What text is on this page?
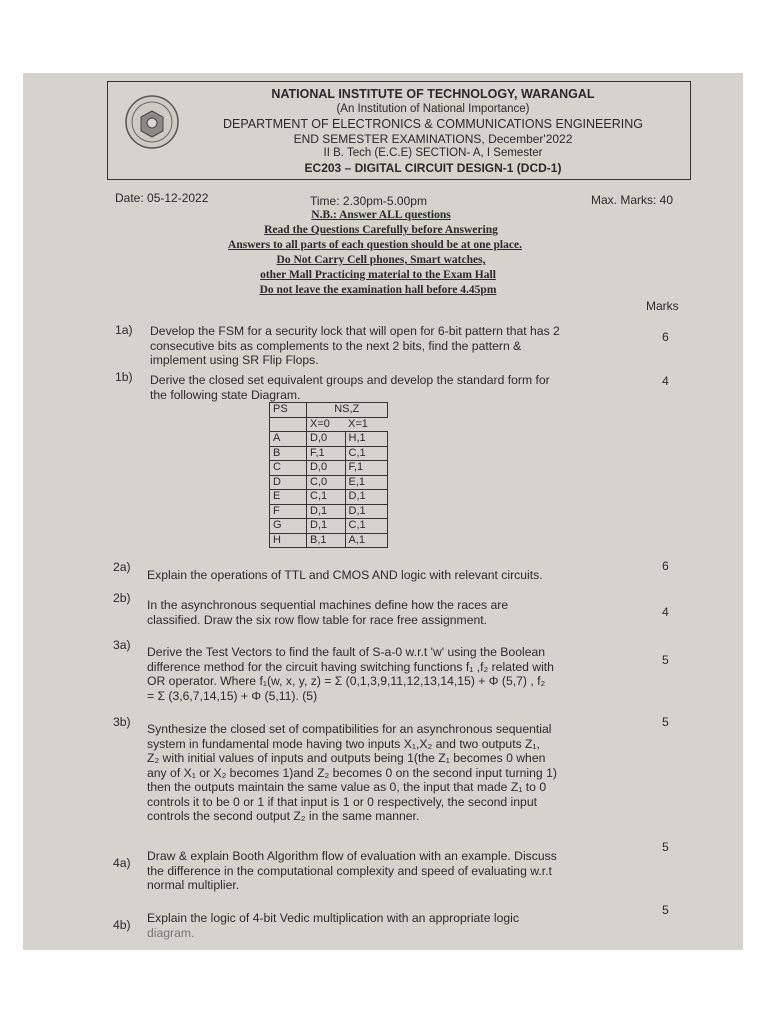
NATIONAL INSTITUTE OF TECHNOLOGY, WARANGAL
(An Institution of National Importance)
DEPARTMENT OF ELECTRONICS & COMMUNICATIONS ENGINEERING
END SEMESTER EXAMINATIONS, December'2022
II B. Tech (E.C.E) SECTION- A, I Semester
EC203 – DIGITAL CIRCUIT DESIGN-1 (DCD-1)
Date: 05-12-2022	Time: 2.30pm-5.00pm	Max. Marks: 40
N.B.: Answer ALL questions
Read the Questions Carefully before Answering
Answers to all parts of each question should be at one place.
Do Not Carry Cell phones, Smart watches,
other Mall Practicing material to the Exam Hall
Do not leave the examination hall before 4.45pm
Marks
1a) Develop the FSM for a security lock that will open for 6-bit pattern that has 2
consecutive bits as complements to the next 2 bits, find the pattern &
implement using SR Flip Flops.
6
1b) Derive the closed set equivalent groups and develop the standard form for
the following state Diagram.
4
PS	NS,Z	
	X=0	X=1
A	D,0	H,1
B	F,1	C,1
C	D,0	F,1
D	C,0	E,1
E	C,1	D,1
F	D,1	D,1
G	D,1	C,1
H	B,1	A,1
2a)
Explain the operations of TTL and CMOS AND logic with relevant circuits.
6
2b) In the asynchronous sequential machines define how the races are
classified. Draw the six row flow table for race free assignment.
4
3a) Derive the Test Vectors to find the fault of S-a-0 w.r.t 'w' using the Boolean
difference method for the circuit having switching functions f₁ ,f₂ related with
OR operator. Where f₁(w, x, y, z) = Σ (0,1,3,9,11,12,13,14,15) + Φ (5,7) , f₂
= Σ (3,6,7,14,15) + Φ (5,11). (5)
5
3b) Synthesize the closed set of compatibilities for an asynchronous sequential
system in fundamental mode having two inputs X₁,X₂ and two outputs Z₁,
Z₂ with initial values of inputs and outputs being 1(the Z₁ becomes 0 when
any of X₁ or X₂ becomes 1)and Z₂ becomes 0 on the second input turning 1)
then the outputs maintain the same value as 0, the input that made Z₁ to 0
controls it to be 0 or 1 if that input is 1 or 0 respectively, the second input
controls the second output Z₂ in the same manner.
5
4a) Draw & explain Booth Algorithm flow of evaluation with an example. Discuss
the difference in the computational complexity and speed of evaluating w.r.t
normal multiplier.
5
4b) Explain the logic of 4-bit Vedic multiplication with an appropriate logic
diagram.
5
